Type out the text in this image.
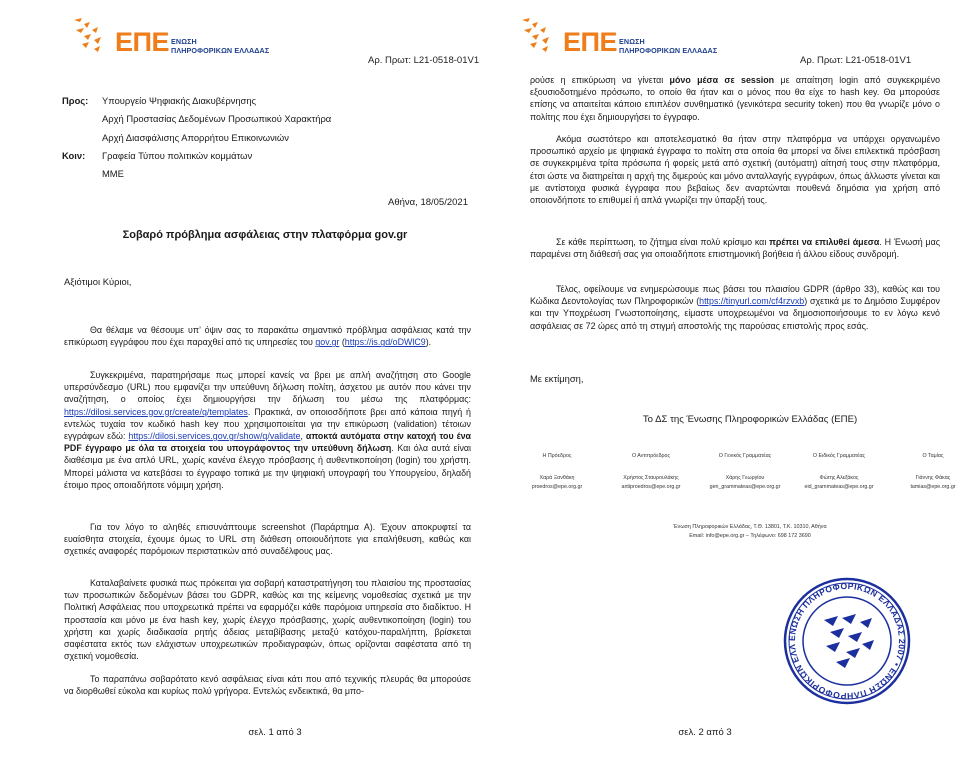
ΕΠΕ ΕΝΩΣΗ
ΠΛΗΡΟΦΟΡΙΚΩΝ ΕΛΛΑΔΑΣ
Αρ. Πρωτ: L21-0518-01V1
Προς:	Υπουργείο Ψηφιακής Διακυβέρνησης
Αρχή Προστασίας Δεδομένων Προσωπικού Χαρακτήρα
Αρχή Διασφάλισης Απορρήτου Επικοινωνιών
Κοιν:	Γραφεία Τύπου πολιτικών κομμάτων
ΜΜΕ
Αθήνα, 18/05/2021
Σοβαρό πρόβλημα ασφάλειας στην πλατφόρμα gov.gr
Αξιότιμοι Κύριοι,

Θα θέλαμε να θέσουμε υπ’ όψιν σας το παρακάτω σημαντικό πρόβλημα ασφάλειας κατά την επικύρωση εγγράφου που έχει παραχθεί από τις υπηρεσίες του gov.gr (https://is.gd/oDWlC9).

Συγκεκριμένα, παρατηρήσαμε πως μπορεί κανείς να βρει με απλή αναζήτηση στο Google υπερσύνδεσμο (URL) που εμφανίζει την υπεύθυνη δήλωση πολίτη, άσχετου με αυτόν που κάνει την αναζήτηση, ο οποίος έχει δημιουργήσει την δήλωση του μέσω της πλατφόρμας: https://dilosi.services.gov.gr/create/q/templates. Πρακτικά, αν οποιοσδήποτε βρει από κάποια πηγή ή εντελώς τυχαία τον κωδικό hash key που χρησιμοποιείται για την επικύρωση (validation) τέτοιων εγγράφων εδώ: https://dilosi.services.gov.gr/show/q/validate, αποκτά αυτόματα στην κατοχή του ένα PDF έγγραφο με όλα τα στοιχεία του υπογράφοντος την υπεύθυνη δήλωση. Και όλα αυτά είναι διαθέσιμα με ένα απλό URL, χωρίς κανένα έλεγχο πρόσβασης ή αυθεντικοποίηση (login) του χρήστη. Μπορεί μάλιστα να κατεβάσει το έγγραφο τοπικά με την ψηφιακή υπογραφή του Υπουργείου, δηλαδή έτοιμο προς οποιαδήποτε νόμιμη χρήση.

Για τον λόγο το αληθές επισυνάπτουμε screenshot (Παράρτημα Α). Έχουν αποκρυφτεί τα ευαίσθητα στοιχεία, έχουμε όμως το URL στη διάθεση οποιουδήποτε για επαλήθευση, καθώς και σχετικές αναφορές παρόμοιων περιστατικών από συναδέλφους μας.

Καταλαβαίνετε φυσικά πως πρόκειται για σοβαρή καταστρατήγηση του πλαισίου της προστασίας των προσωπικών δεδομένων βάσει του GDPR, καθώς και της κείμενης νομοθεσίας σχετικά με την Πολιτική Ασφάλειας που υποχρεωτικά πρέπει να εφαρμόζει κάθε παρόμοια υπηρεσία στο διαδίκτυο. Η προστασία και μόνο με ένα hash key, χωρίς έλεγχο πρόσβασης, χωρίς αυθεντικοποίηση (login) του χρήστη και χωρίς διαδικασία ρητής άδειας μεταβίβασης μεταξύ κατόχου-παραλήπτη, βρίσκεται σαφέστατα εκτός των ελάχιστων υποχρεωτικών προδιαγραφών, όπως ορίζονται σαφέστατα από τη σχετική νομοθεσία.

Το παραπάνω σοβαρότατο κενό ασφάλειας είναι κάτι που από τεχνικής πλευράς θα μπορούσε να διορθωθεί εύκολα και κυρίως πολύ γρήγορα. Εντελώς ενδεικτικά, θα μπο-

σελ. 1 από 3
ΕΠΕ ΕΝΩΣΗ
ΠΛΗΡΟΦΟΡΙΚΩΝ ΕΛΛΑΔΑΣ
Αρ. Πρωτ: L21-0518-01V1

ρούσε η επικύρωση να γίνεται μόνο μέσα σε session με απαίτηση login από συγκεκριμένο εξουσιοδοτημένο πρόσωπο, το οποίο θα ήταν και ο μόνος που θα είχε το hash key. Θα μπορούσε επίσης να απαιτείται κάποιο επιπλέον συνθηματικό (γενικότερα security token) που θα γνωρίζε μόνο ο πολίτης που έχει δημιουργήσει το έγγραφο.

Ακόμα σωστότερο και αποτελεσματικό θα ήταν στην πλατφόρμα να υπάρχει οργανωμένο προσωπικό αρχείο με ψηφιακά έγγραφα το πολίτη στα οποία θα μπορεί να δίνει επιλεκτικά πρόσβαση σε συγκεκριμένα τρίτα πρόσωπα ή φορείς μετά από σχετική (αυτόματη) αίτησή τους στην πλατφόρμα, έτσι ώστε να διατηρείται η αρχή της διμερούς και μόνο ανταλλαγής εγγράφων, όπως άλλωστε γίνεται και με αντίστοιχα φυσικά έγγραφα που βεβαίως δεν αναρτώνται πουθενά δημόσια για χρήση από οποιονδήποτε το επιθυμεί ή απλά γνωρίζει την ύπαρξή τους.

Σε κάθε περίπτωση, το ζήτημα είναι πολύ κρίσιμο και πρέπει να επιλυθεί άμεσα. Η Ένωσή μας παραμένει στη διάθεσή σας για οποιαδήποτε επιστημονική βοήθεια ή άλλου είδους συνδρομή.

Τέλος, οφείλουμε να ενημερώσουμε πως βάσει του πλαισίου GDPR (άρθρο 33), καθώς και του Κώδικα Δεοντολογίας των Πληροφορικών (https://tinyurl.com/cf4rzvxb) σχετικά με το Δημόσιο Συμφέρον και την Υποχρέωση Γνωστοποίησης, είμαστε υποχρεωμένοι να δημοσιοποιήσουμε το εν λόγω κενό ασφάλειας σε 72 ώρες από τη στιγμή αποστολής της παρούσας επιστολής προς εσάς.

Με εκτίμηση,
Το ΔΣ της Ένωσης Πληροφορικών Ελλάδας (ΕΠΕ)
Η Πρόεδρος
Χαρά Ξανθάκη
proedros@epe.org.gr
Ο Αντιπρόεδρος
Χρήστος Σταυρουλάκης
antiproedros@epe.org.gr
Ο Γενικός Γραμματέας
Χάρης Γεωργίου
gen_grammateas@epe.org.gr
Ο Ειδικός Γραμματέας
Φώτης Αλεξάκος
eid_grammateas@epe.org.gr
Ο Ταμίας
Γιάννης Φάκας
tamias@epe.org.gr
Ένωση Πληροφορικών Ελλάδας, Τ.Θ. 13801, Τ.Κ. 10310, Αθήνα
Email: info@epe.org.gr – Τηλέφωνο: 698 172 3690
ΕΝΩΣΗ ΠΛΗΡΟΦΟΡΙΚΩΝ ΕΛΛΑΔΑΣ 2007 • ΕΝΩΣΗ ΠΛΗΡΟΦΟΡΙΚΩΝ ΕΛΛ
σελ. 2 από 3
